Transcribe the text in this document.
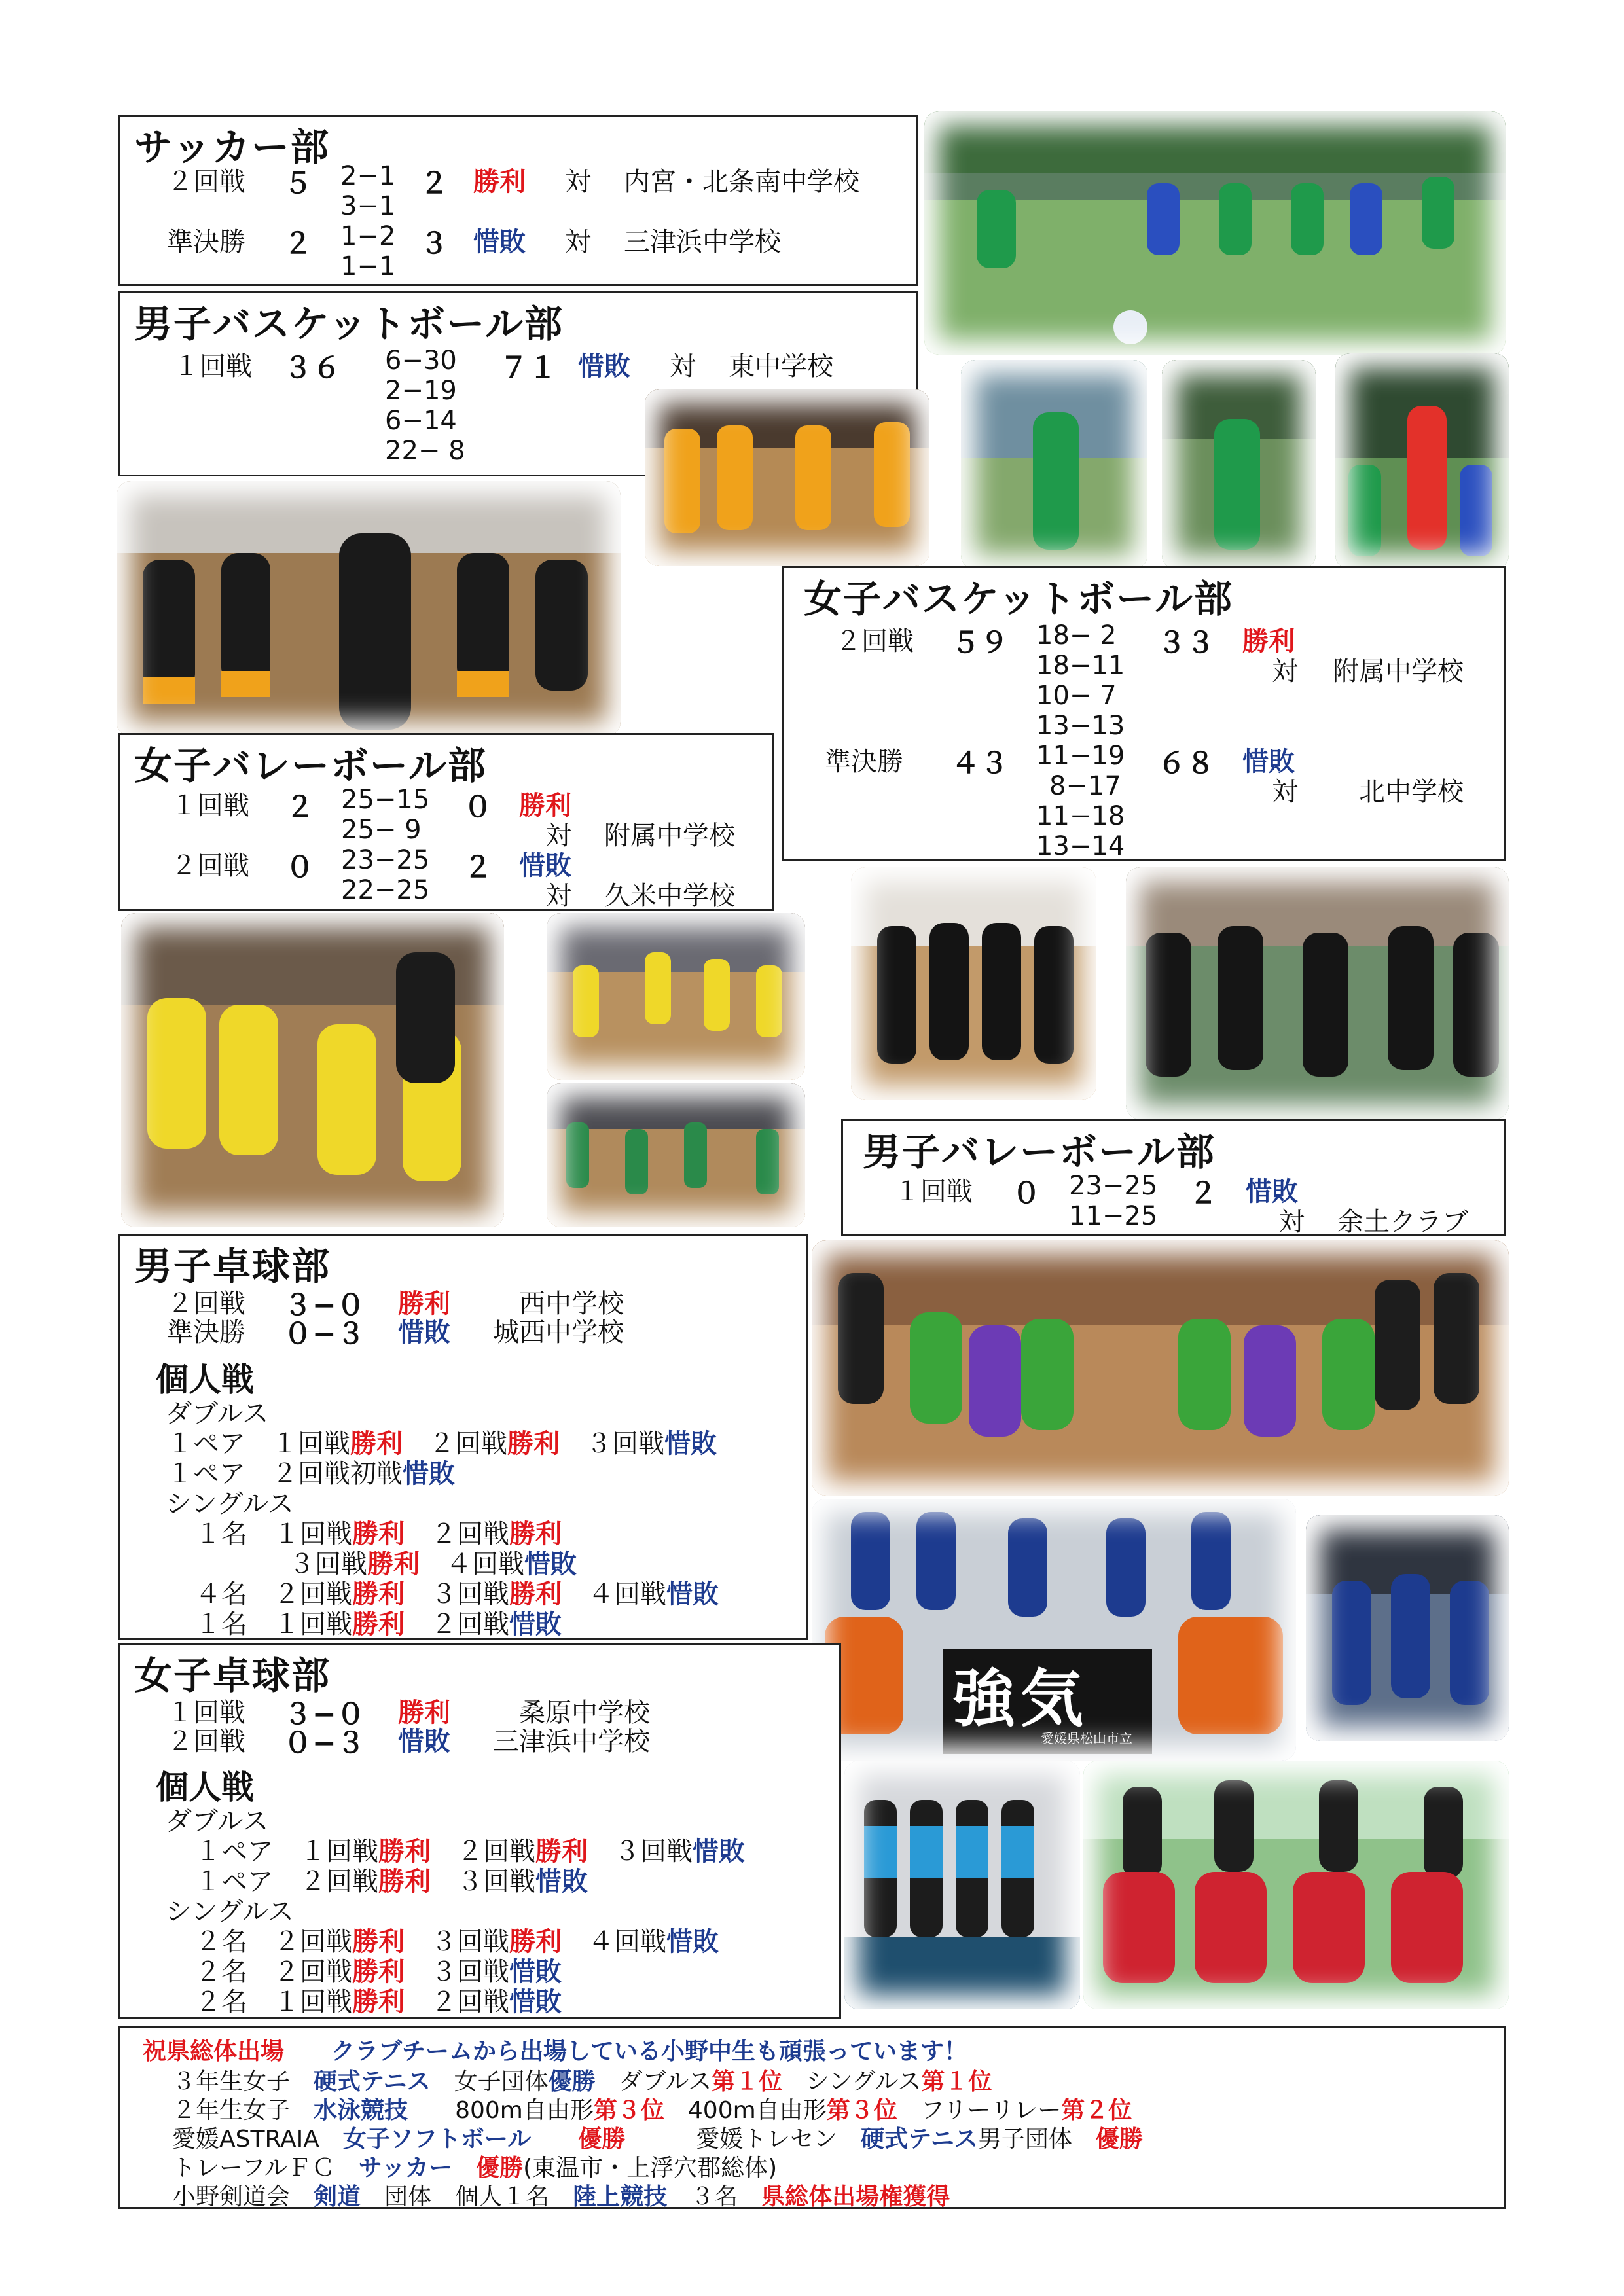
サッカー部
２回戦 ５ 2−1 ２ 勝利 対 内宮・北条南中学校
3−1
準決勝 ２ 1−2 ３ 惜敗 対 三津浜中学校
1−1
男子バスケットボール部
１回戦 ３６ 6−30 ７１ 惜敗 対 東中学校
2−19
6−14
22− 8
女子バスケットボール部
２回戦 ５９ 18− 2 ３３ 勝利
18−11	対 附属中学校
10− 7
13−13
準決勝 ４３ 11−19 ６８ 惜敗
8−17	対 北中学校
11−18
13−14
女子バレーボール部
１回戦 ２ 25−15 ０ 勝利
25− 9	対 附属中学校
２回戦 ０ 23−25 ２ 惜敗
22−25	対 久米中学校
男子バレーボール部
１回戦 ０ 23−25 ２ 惜敗
11−25	対 余土クラブ
男子卓球部
２回戦 ３−０ 勝利	西中学校
準決勝 ０−３ 惜敗 城西中学校
個人戦
ダブルス
１ペア　 １回戦勝利　 ２回戦勝利　 ３回戦惜敗
１ペア　 ２回戦初戦惜敗
シングルス
１名　 １回戦勝利　 ２回戦勝利
３回戦勝利　 ４回戦惜敗
４名　 ２回戦勝利　 ３回戦勝利　 ４回戦惜敗
１名　 １回戦勝利　 ２回戦惜敗
強気
愛媛県松山市立
女子卓球部
１回戦 ３−０ 勝利	桑原中学校
２回戦 ０−３ 惜敗 三津浜中学校
個人戦
ダブルス
１ペア　 １回戦勝利　 ２回戦勝利　 ３回戦惜敗
１ペア　 ２回戦勝利　 ３回戦惜敗
シングルス
２名　 ２回戦勝利　 ３回戦勝利　 ４回戦惜敗
２名　 ２回戦勝利　 ３回戦惜敗
２名　 １回戦勝利　 ２回戦惜敗
祝県総体出場　　 クラブチームから出場している小野中生も頑張っています！
３年生女子　 硬式テニス　 女子団体優勝　 ダブルス第１位　 シングルス第１位
２年生女子　 水泳競技　　 800m自由形第３位　 400m自由形第３位　 フリーリレー第２位
愛媛ASTRAIA　 女子ソフトボール　　 優勝　　　	愛媛トレセン　 硬式テニス男子団体　 優勝
トレーフルＦＣ　 サッカー　 優勝(東温市・上浮穴郡総体)
小野剣道会　 剣道　 団体　個人１名　 陸上競技　 ３名　 県総体出場権獲得
